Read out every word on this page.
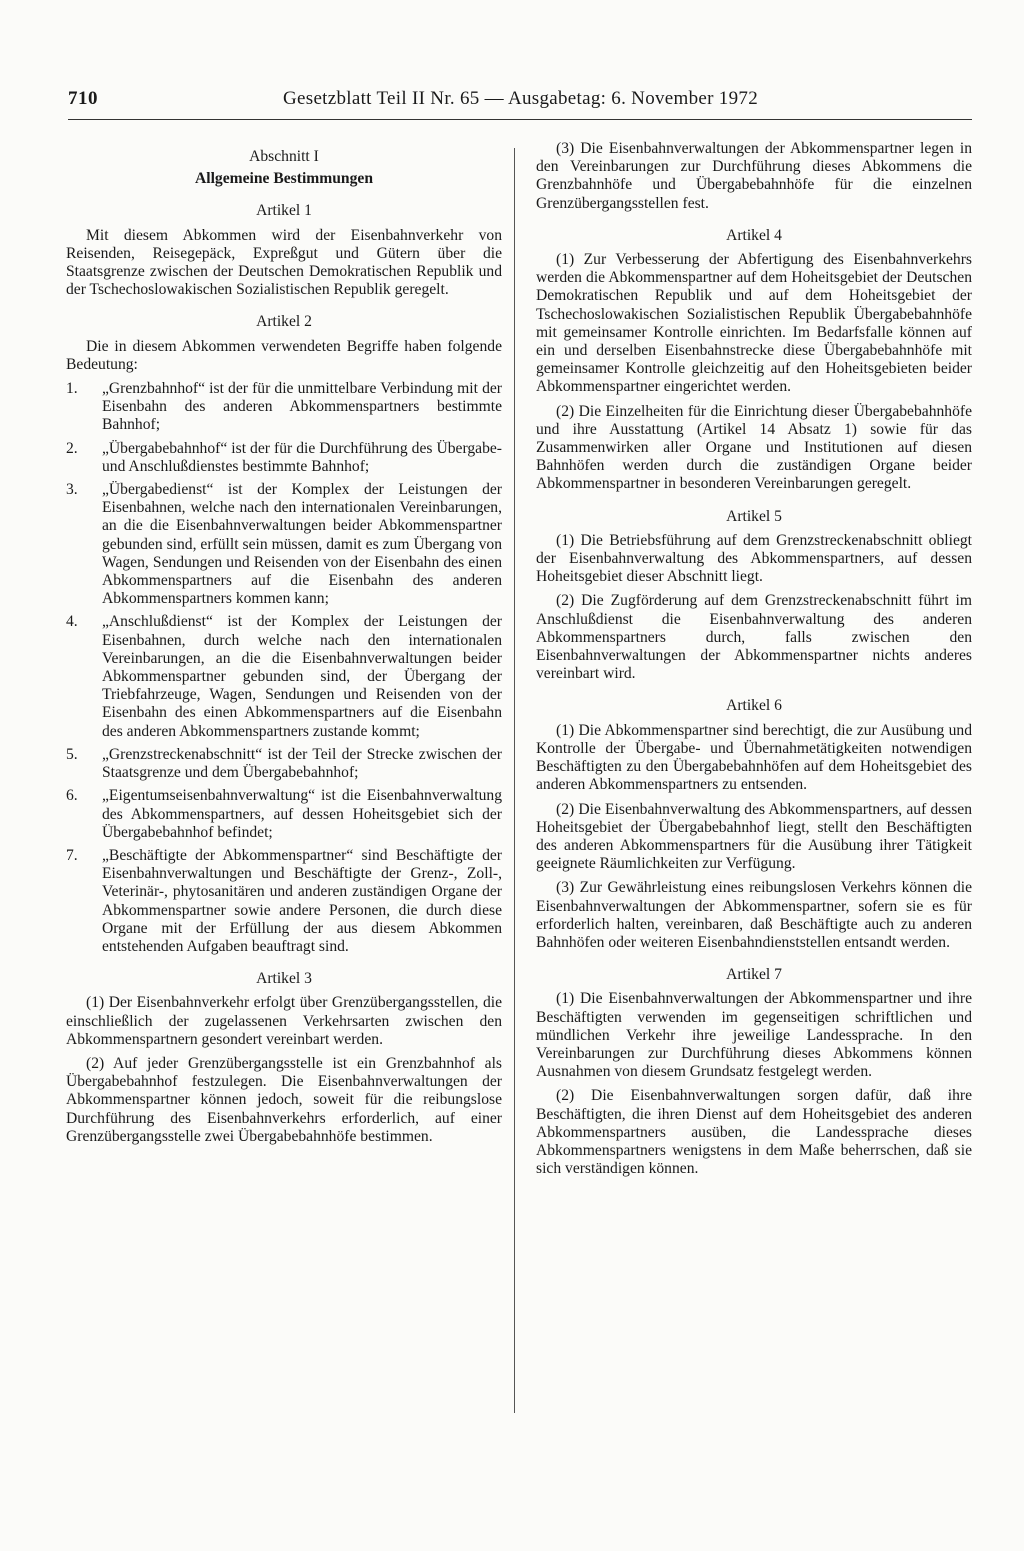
710	Gesetzblatt Teil II Nr. 65 — Ausgabetag: 6. November 1972
Abschnitt I
Allgemeine Bestimmungen
Artikel 1

Mit diesem Abkommen wird der Eisenbahnverkehr von Reisenden, Reisegepäck, Expreßgut und Gütern über die Staatsgrenze zwischen der Deutschen Demokratischen Republik und der Tschechoslowakischen Sozialistischen Republik geregelt.

Artikel 2

Die in diesem Abkommen verwendeten Begriffe haben folgende Bedeutung:

1. „Grenzbahnhof“ ist der für die unmittelbare Verbindung mit der Eisenbahn des anderen Abkommenspartners bestimmte Bahnhof;
2. „Übergabebahnhof“ ist der für die Durchführung des Übergabe- und Anschlußdienstes bestimmte Bahnhof;
3. „Übergabedienst“ ist der Komplex der Leistungen der Eisenbahnen, welche nach den internationalen Vereinbarungen, an die die Eisenbahnverwaltungen beider Abkommenspartner gebunden sind, erfüllt sein müssen, damit es zum Übergang von Wagen, Sendungen und Reisenden von der Eisenbahn des einen Abkommenspartners auf die Eisenbahn des anderen Abkommenspartners kommen kann;
4. „Anschlußdienst“ ist der Komplex der Leistungen der Eisenbahnen, durch welche nach den internationalen Vereinbarungen, an die die Eisenbahnverwaltungen beider Abkommenspartner gebunden sind, der Übergang der Triebfahrzeuge, Wagen, Sendungen und Reisenden von der Eisenbahn des einen Abkommenspartners auf die Eisenbahn des anderen Abkommenspartners zustande kommt;
5. „Grenzstreckenabschnitt“ ist der Teil der Strecke zwischen der Staatsgrenze und dem Übergabebahnhof;
6. „Eigentumseisenbahnverwaltung“ ist die Eisenbahnverwaltung des Abkommenspartners, auf dessen Hoheitsgebiet sich der Übergabebahnhof befindet;
7. „Beschäftigte der Abkommenspartner“ sind Beschäftigte der Eisenbahnverwaltungen und Beschäftigte der Grenz-, Zoll-, Veterinär-, phytosanitären und anderen zuständigen Organe der Abkommenspartner sowie andere Personen, die durch diese Organe mit der Erfüllung der aus diesem Abkommen entstehenden Aufgaben beauftragt sind.
Artikel 3

(1) Der Eisenbahnverkehr erfolgt über Grenzübergangsstellen, die einschließlich der zugelassenen Verkehrsarten zwischen den Abkommenspartnern gesondert vereinbart werden.

(2) Auf jeder Grenzübergangsstelle ist ein Grenzbahnhof als Übergabebahnhof festzulegen. Die Eisenbahnverwaltungen der Abkommenspartner können jedoch, soweit für die reibungslose Durchführung des Eisenbahnverkehrs erforderlich, auf einer Grenzübergangsstelle zwei Übergabebahnhöfe bestimmen.

(3) Die Eisenbahnverwaltungen der Abkommenspartner legen in den Vereinbarungen zur Durchführung dieses Abkommens die Grenzbahnhöfe und Übergabebahnhöfe für die einzelnen Grenzübergangsstellen fest.

Artikel 4

(1) Zur Verbesserung der Abfertigung des Eisenbahnverkehrs werden die Abkommenspartner auf dem Hoheitsgebiet der Deutschen Demokratischen Republik und auf dem Hoheitsgebiet der Tschechoslowakischen Sozialistischen Republik Übergabebahnhöfe mit gemeinsamer Kontrolle einrichten. Im Bedarfsfalle können auf ein und derselben Eisenbahnstrecke diese Übergabebahnhöfe mit gemeinsamer Kontrolle gleichzeitig auf den Hoheitsgebieten beider Abkommenspartner eingerichtet werden.

(2) Die Einzelheiten für die Einrichtung dieser Übergabebahnhöfe und ihre Ausstattung (Artikel 14 Absatz 1) sowie für das Zusammenwirken aller Organe und Institutionen auf diesen Bahnhöfen werden durch die zuständigen Organe beider Abkommenspartner in besonderen Vereinbarungen geregelt.

Artikel 5

(1) Die Betriebsführung auf dem Grenzstreckenabschnitt obliegt der Eisenbahnverwaltung des Abkommenspartners, auf dessen Hoheitsgebiet dieser Abschnitt liegt.

(2) Die Zugförderung auf dem Grenzstreckenabschnitt führt im Anschlußdienst die Eisenbahnverwaltung des anderen Abkommenspartners durch, falls zwischen den Eisenbahnverwaltungen der Abkommenspartner nichts anderes vereinbart wird.

Artikel 6

(1) Die Abkommenspartner sind berechtigt, die zur Ausübung und Kontrolle der Übergabe- und Übernahmetätigkeiten notwendigen Beschäftigten zu den Übergabebahnhöfen auf dem Hoheitsgebiet des anderen Abkommenspartners zu entsenden.

(2) Die Eisenbahnverwaltung des Abkommenspartners, auf dessen Hoheitsgebiet der Übergabebahnhof liegt, stellt den Beschäftigten des anderen Abkommenspartners für die Ausübung ihrer Tätigkeit geeignete Räumlichkeiten zur Verfügung.

(3) Zur Gewährleistung eines reibungslosen Verkehrs können die Eisenbahnverwaltungen der Abkommenspartner, sofern sie es für erforderlich halten, vereinbaren, daß Beschäftigte auch zu anderen Bahnhöfen oder weiteren Eisenbahndienststellen entsandt werden.

Artikel 7

(1) Die Eisenbahnverwaltungen der Abkommenspartner und ihre Beschäftigten verwenden im gegenseitigen schriftlichen und mündlichen Verkehr ihre jeweilige Landessprache. In den Vereinbarungen zur Durchführung dieses Abkommens können Ausnahmen von diesem Grundsatz festgelegt werden.

(2) Die Eisenbahnverwaltungen sorgen dafür, daß ihre Beschäftigten, die ihren Dienst auf dem Hoheitsgebiet des anderen Abkommenspartners ausüben, die Landessprache dieses Abkommenspartners wenigstens in dem Maße beherrschen, daß sie sich verständigen können.
